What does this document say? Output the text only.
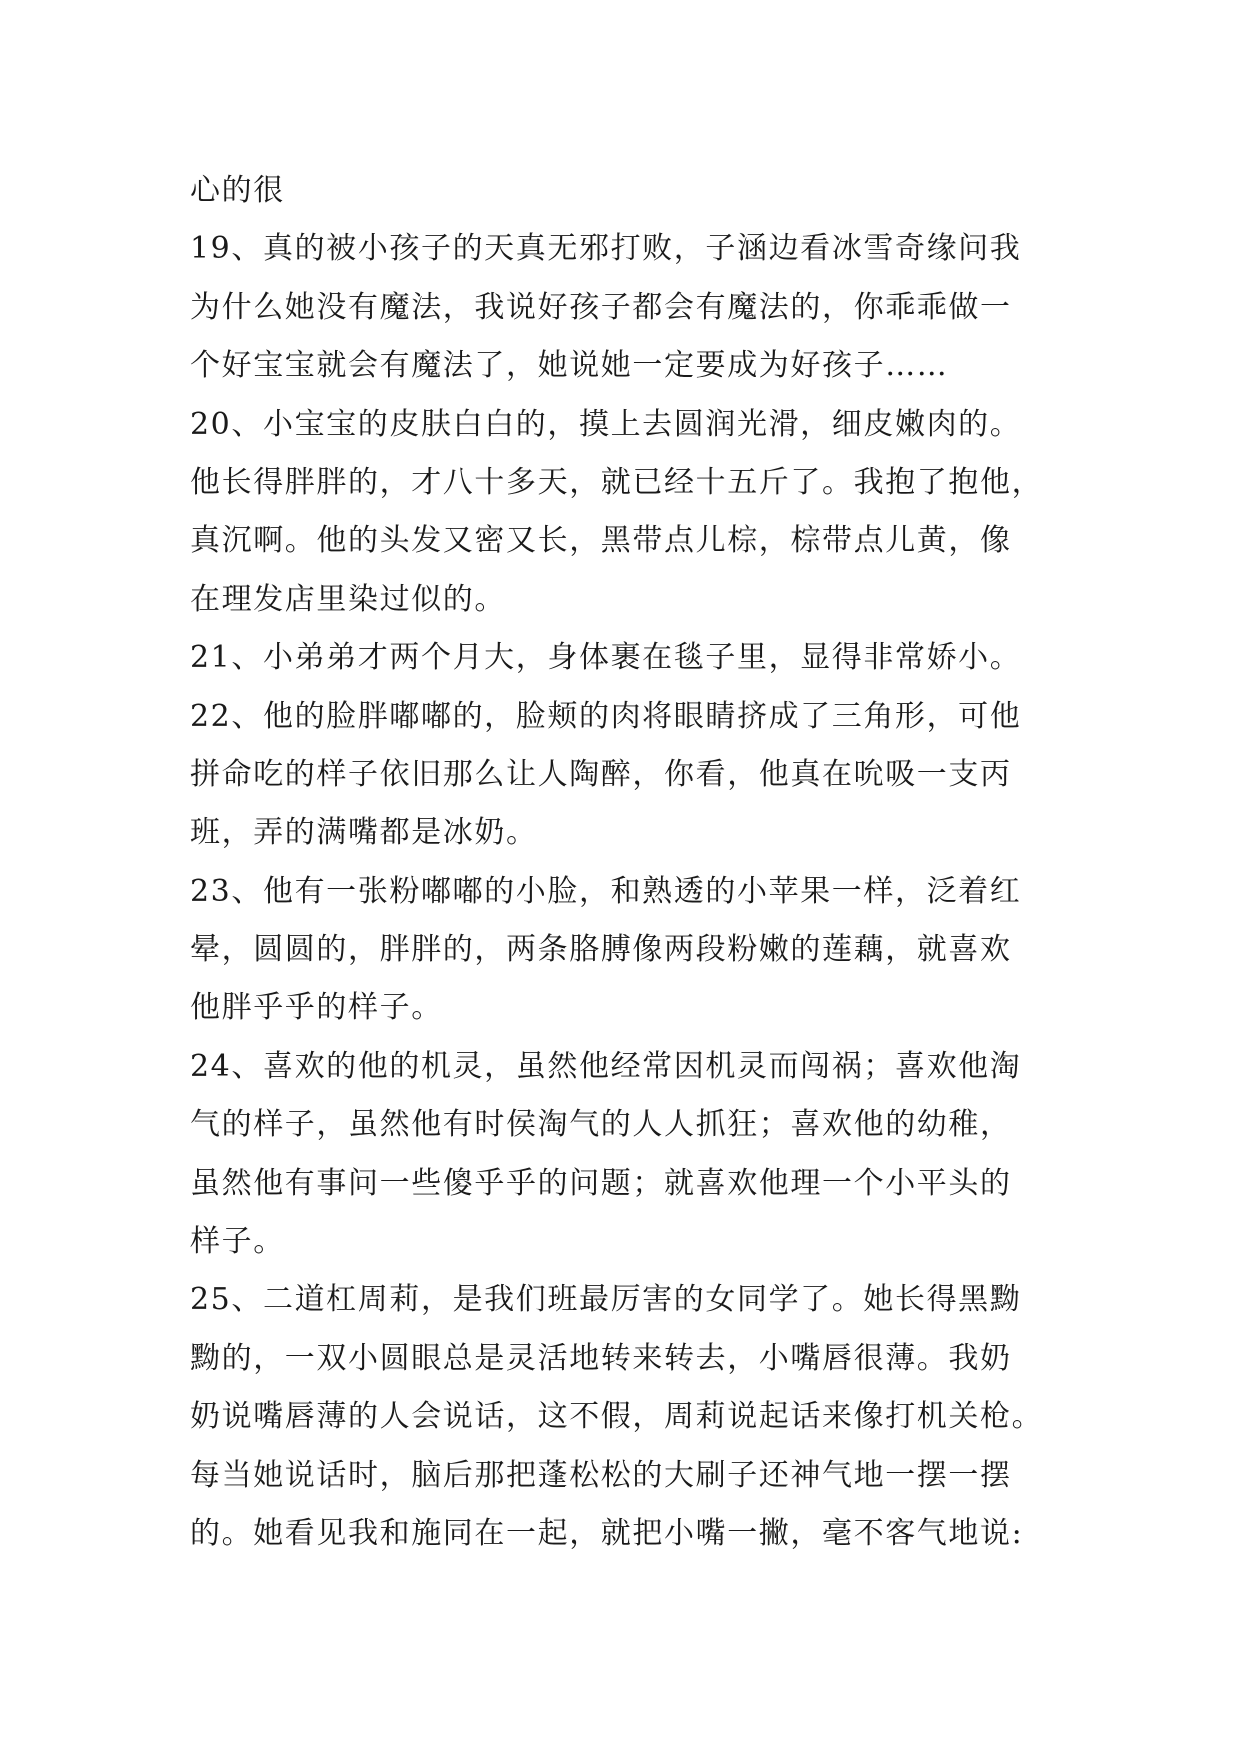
心的很
19、真的被小孩子的天真无邪打败，子涵边看冰雪奇缘问我
为什么她没有魔法，我说好孩子都会有魔法的，你乖乖做一
个好宝宝就会有魔法了，她说她一定要成为好孩子……
20、小宝宝的皮肤白白的，摸上去圆润光滑，细皮嫩肉的。
他长得胖胖的，才八十多天，就已经十五斤了。我抱了抱他，
真沉啊。他的头发又密又长，黑带点儿棕，棕带点儿黄，像
在理发店里染过似的。
21、小弟弟才两个月大，身体裹在毯子里，显得非常娇小。
22、他的脸胖嘟嘟的，脸颊的肉将眼睛挤成了三角形，可他
拼命吃的样子依旧那么让人陶醉，你看，他真在吮吸一支丙
班，弄的满嘴都是冰奶。
23、他有一张粉嘟嘟的小脸，和熟透的小苹果一样，泛着红
晕，圆圆的，胖胖的，两条胳膊像两段粉嫩的莲藕，就喜欢
他胖乎乎的样子。
24、喜欢的他的机灵，虽然他经常因机灵而闯祸；喜欢他淘
气的样子，虽然他有时侯淘气的人人抓狂；喜欢他的幼稚，
虽然他有事问一些傻乎乎的问题；就喜欢他理一个小平头的
样子。
25、二道杠周莉，是我们班最厉害的女同学了。她长得黑黝
黝的，一双小圆眼总是灵活地转来转去，小嘴唇很薄。我奶
奶说嘴唇薄的人会说话，这不假，周莉说起话来像打机关枪。
每当她说话时，脑后那把蓬松松的大刷子还神气地一摆一摆
的。她看见我和施同在一起，就把小嘴一撇，毫不客气地说:
